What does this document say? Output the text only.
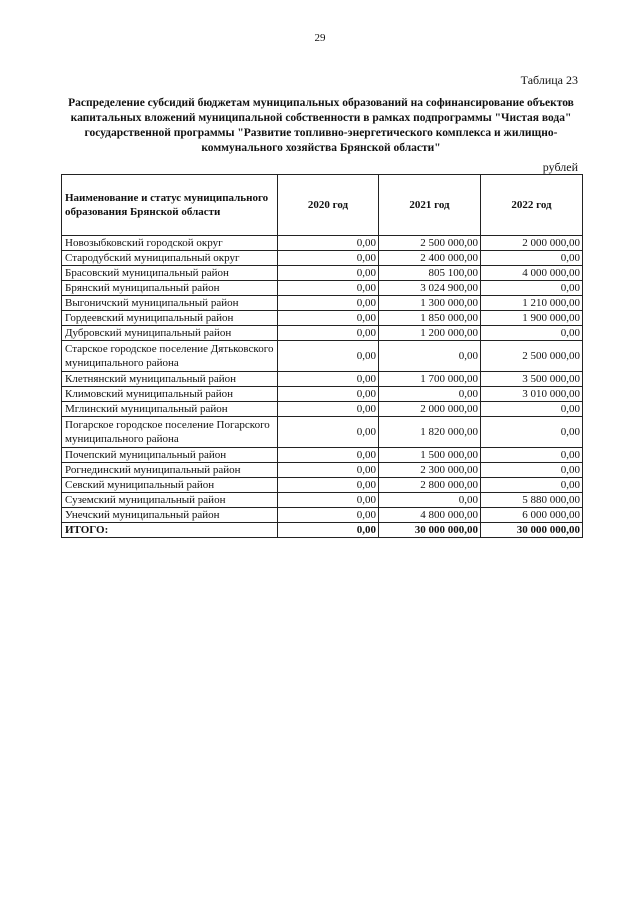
29
Таблица 23
Распределение субсидий бюджетам муниципальных образований на софинансирование объектов капитальных вложений муниципальной собственности в рамках подпрограммы "Чистая вода" государственной программы "Развитие топливно-энергетического комплекса и жилищно-коммунального хозяйства Брянской области"
рублей
Наименование и статус муниципального образования Брянской области	2020 год	2021 год	2022 год
Новозыбковский городской округ	0,00	2 500 000,00	2 000 000,00
Стародубский муниципальный округ	0,00	2 400 000,00	0,00
Брасовский муниципальный район	0,00	805 100,00	4 000 000,00
Брянский муниципальный район	0,00	3 024 900,00	0,00
Выгоничский муниципальный район	0,00	1 300 000,00	1 210 000,00
Гордеевский муниципальный район	0,00	1 850 000,00	1 900 000,00
Дубровский муниципальный район	0,00	1 200 000,00	0,00
Старское городское поселение Дятьковского муниципального района	0,00	0,00	2 500 000,00
Клетнянский муниципальный район	0,00	1 700 000,00	3 500 000,00
Климовский муниципальный район	0,00	0,00	3 010 000,00
Мглинский муниципальный район	0,00	2 000 000,00	0,00
Погарское городское поселение Погарского муниципального района	0,00	1 820 000,00	0,00
Почепский муниципальный район	0,00	1 500 000,00	0,00
Рогнединский муниципальный район	0,00	2 300 000,00	0,00
Севский муниципальный район	0,00	2 800 000,00	0,00
Суземский муниципальный район	0,00	0,00	5 880 000,00
Унечский муниципальный район	0,00	4 800 000,00	6 000 000,00
ИТОГО:	0,00	30 000 000,00	30 000 000,00
